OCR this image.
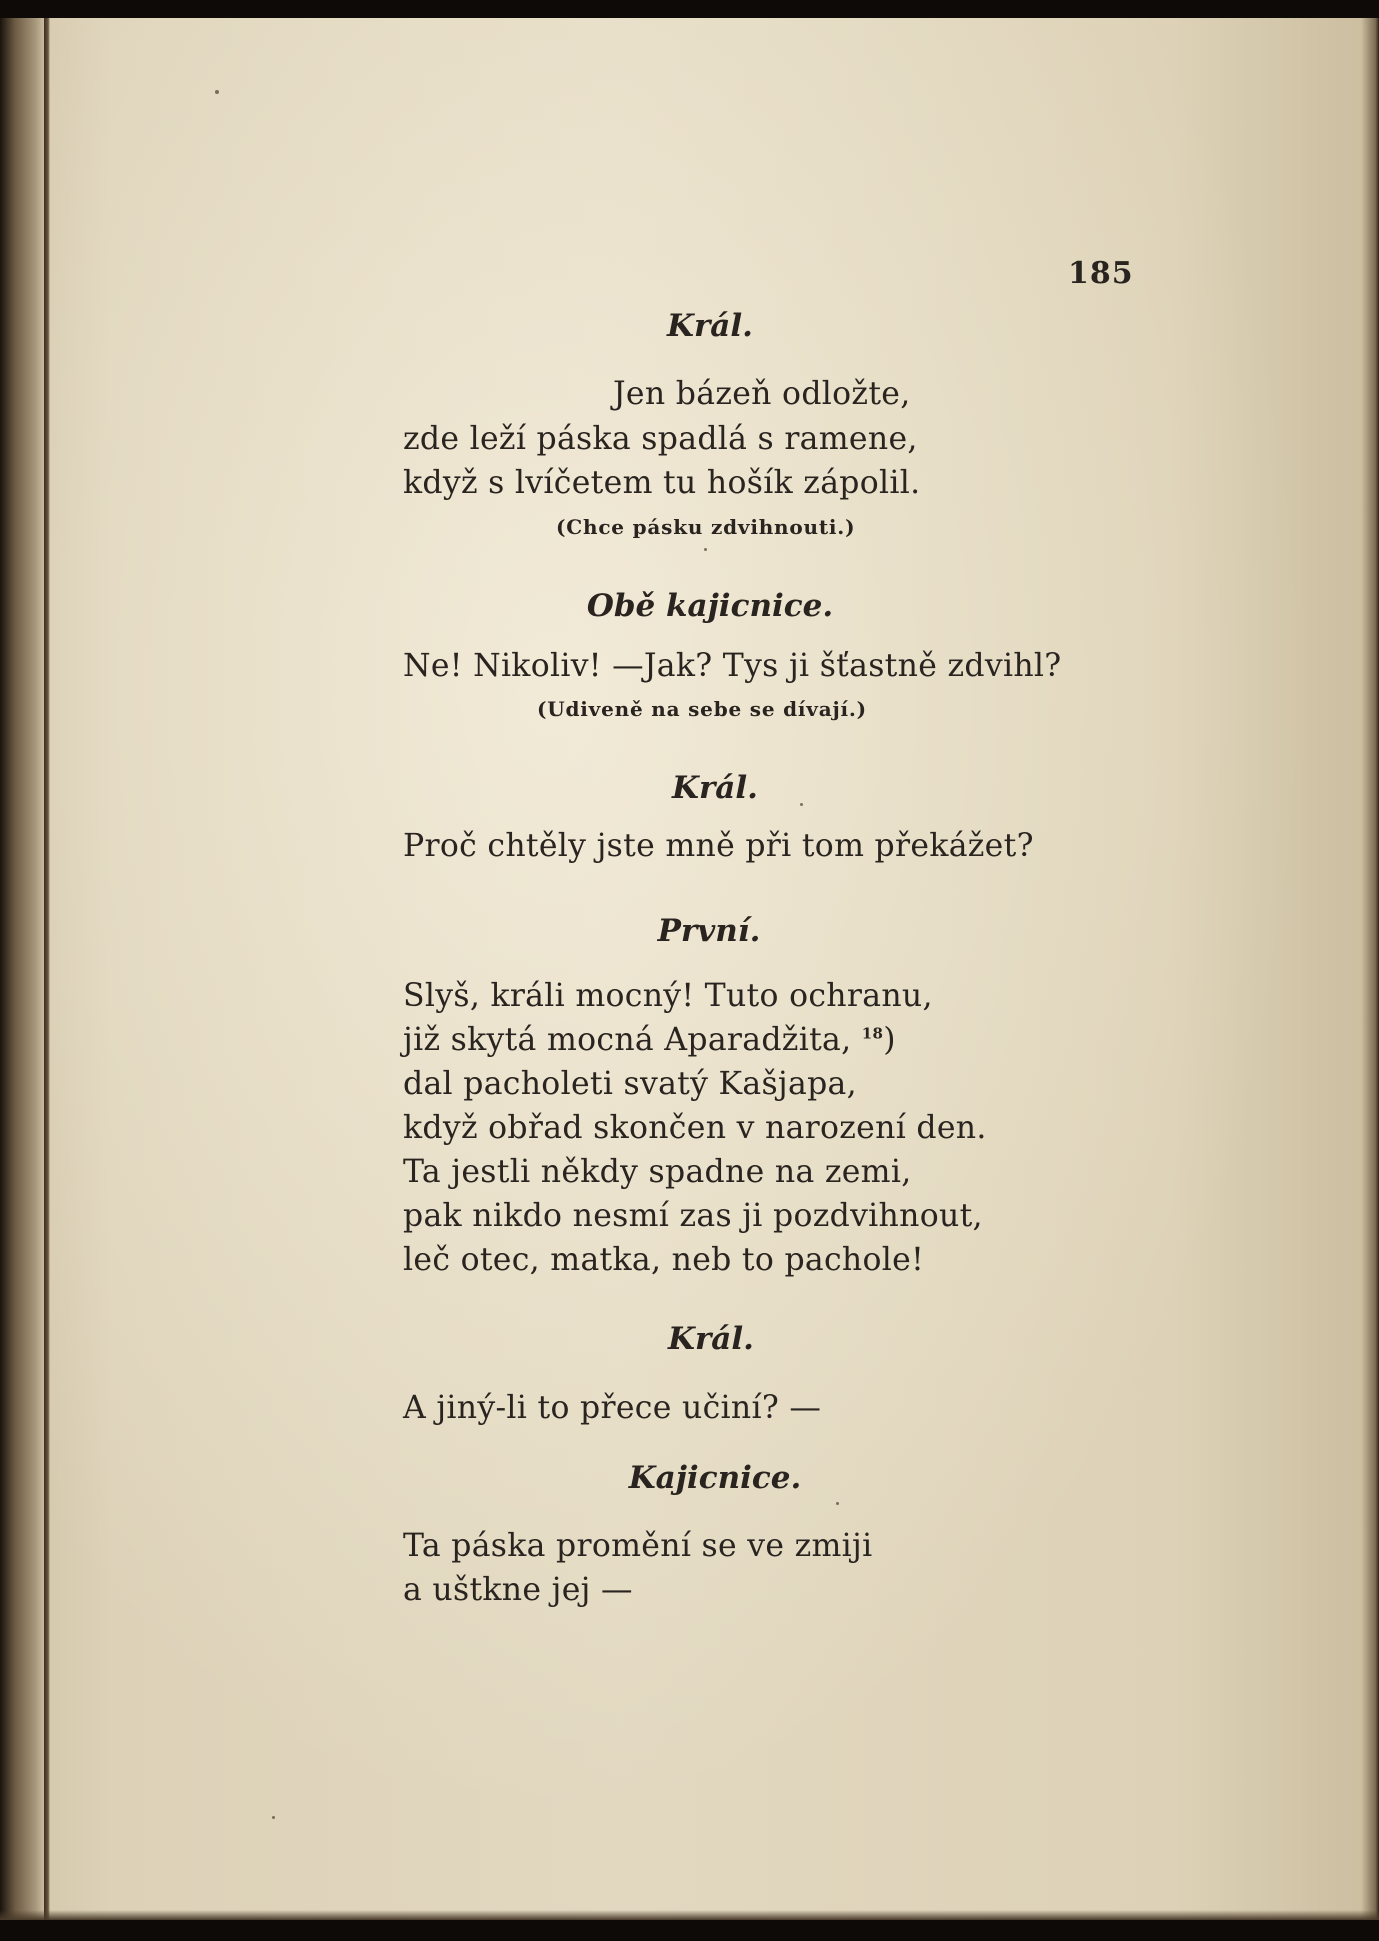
185
Král.
Jen bázeň odložte,
zde leží páska spadlá s ramene,
když s lvíčetem tu hošík zápolil.
(Chce pásku zdvihnouti.)
Obě kajicnice.
Ne! Nikoliv! —Jak? Tys ji šťastně zdvihl?
(Udiveně na sebe se dívají.)
Král.
Proč chtěly jste mně při tom překážet?
První.
Slyš, králi mocný! Tuto ochranu,
již skytá mocná Aparadžita, $^{18}$)
dal pacholeti svatý Kašjapa,
když obřad skončen v narození den.
Ta jestli někdy spadne na zemi,
pak nikdo nesmí zas ji pozdvihnout,
leč otec, matka, neb to pachole!
Král.
A jiný-li to přece učiní? —
Kajicnice.
Ta páska promění se ve zmiji
a uštkne jej —
